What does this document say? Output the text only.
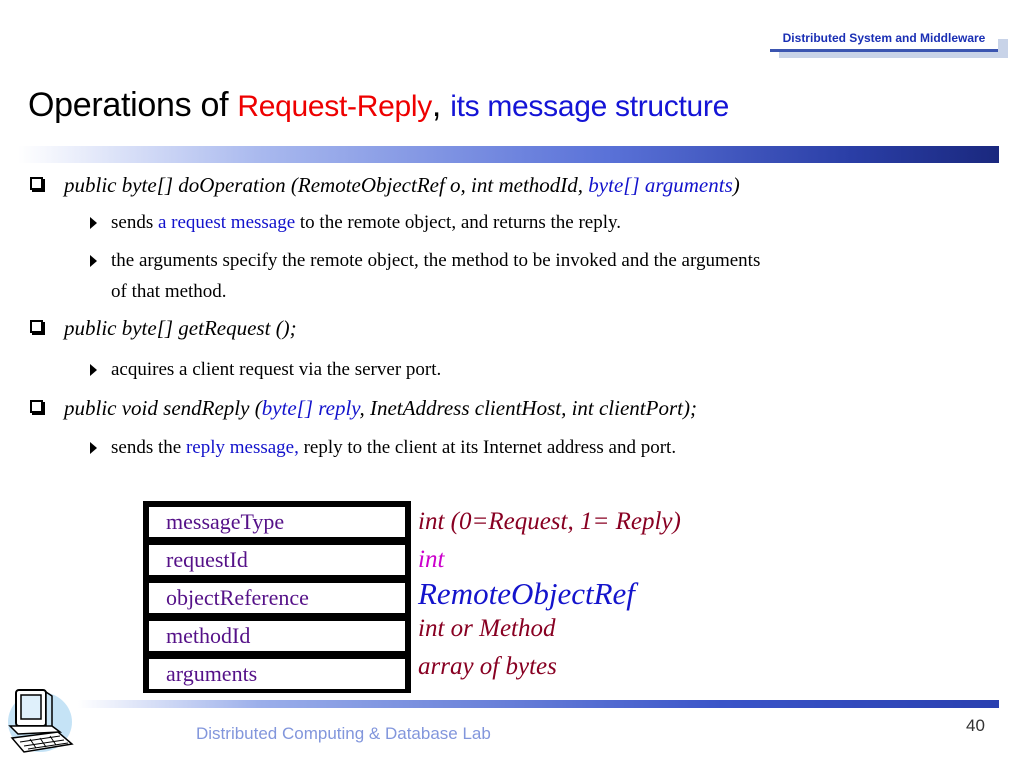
Distributed System and Middleware
Operations of Request-Reply, its message structure
public byte[] doOperation (RemoteObjectRef o, int methodId, byte[] arguments)
sends a request message to the remote object, and returns the reply.
the arguments specify the remote object, the method to be invoked and the arguments
of that method.
public byte[] getRequest ();
acquires a client request via the server port.
public void sendReply (byte[] reply, InetAddress clientHost, int clientPort);
sends the reply message, reply to the client at its Internet address and port.
messageType
requestId
objectReference
methodId
arguments
int (0=Request, 1= Reply)
int
RemoteObjectRef
int or Method
array of bytes
Distributed Computing & Database Lab	40
